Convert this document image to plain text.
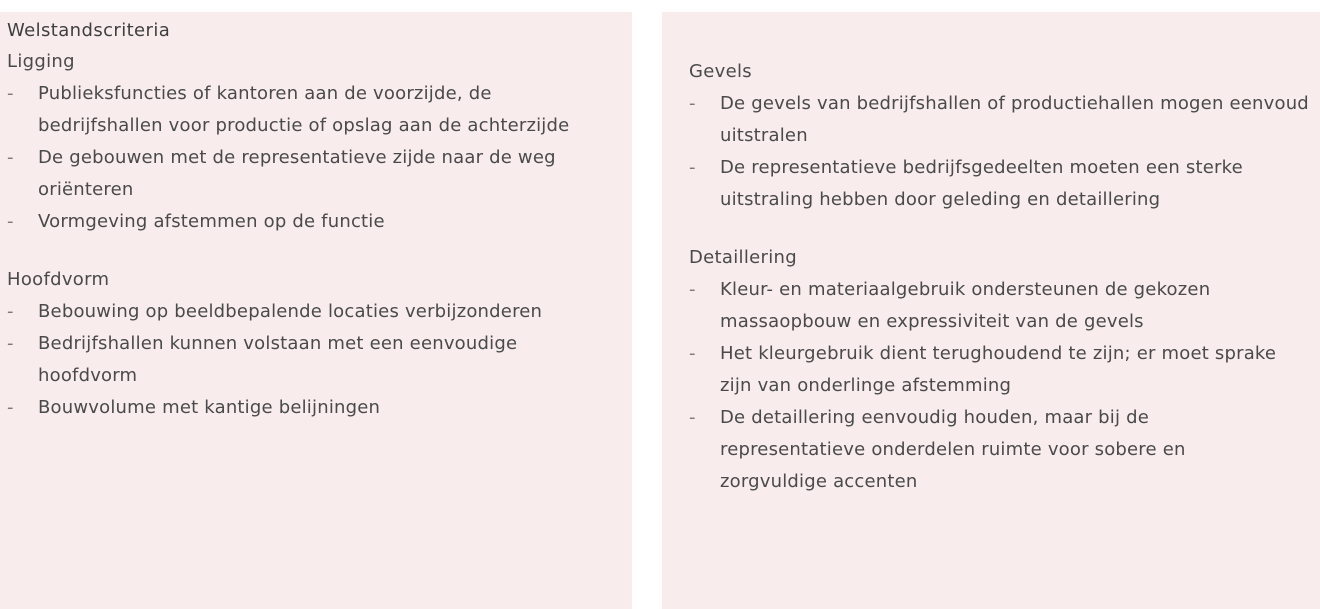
Welstandscriteria
Ligging
-	Publieksfuncties of kantoren aan de voorzijde, de bedrijfshallen voor productie of opslag aan de achterzijde
-	De gebouwen met de representatieve zijde naar de weg oriënteren
-	Vormgeving afstemmen op de functie
Hoofdvorm
-	Bebouwing op beeldbepalende locaties verbijzonderen
-	Bedrijfshallen kunnen volstaan met een eenvoudige hoofdvorm
-	Bouwvolume met kantige belijningen
Gevels
-	De gevels van bedrijfshallen of productiehallen mogen eenvoud uitstralen
-	De representatieve bedrijfsgedeelten moeten een sterke uitstraling hebben door geleding en detaillering
Detaillering
-	Kleur- en materiaalgebruik ondersteunen de gekozen massaopbouw en expressiviteit van de gevels
-	Het kleurgebruik dient terughoudend te zijn; er moet sprake zijn van onderlinge afstemming
-	De detaillering eenvoudig houden, maar bij de representatieve onderdelen ruimte voor sobere en zorgvuldige accenten
